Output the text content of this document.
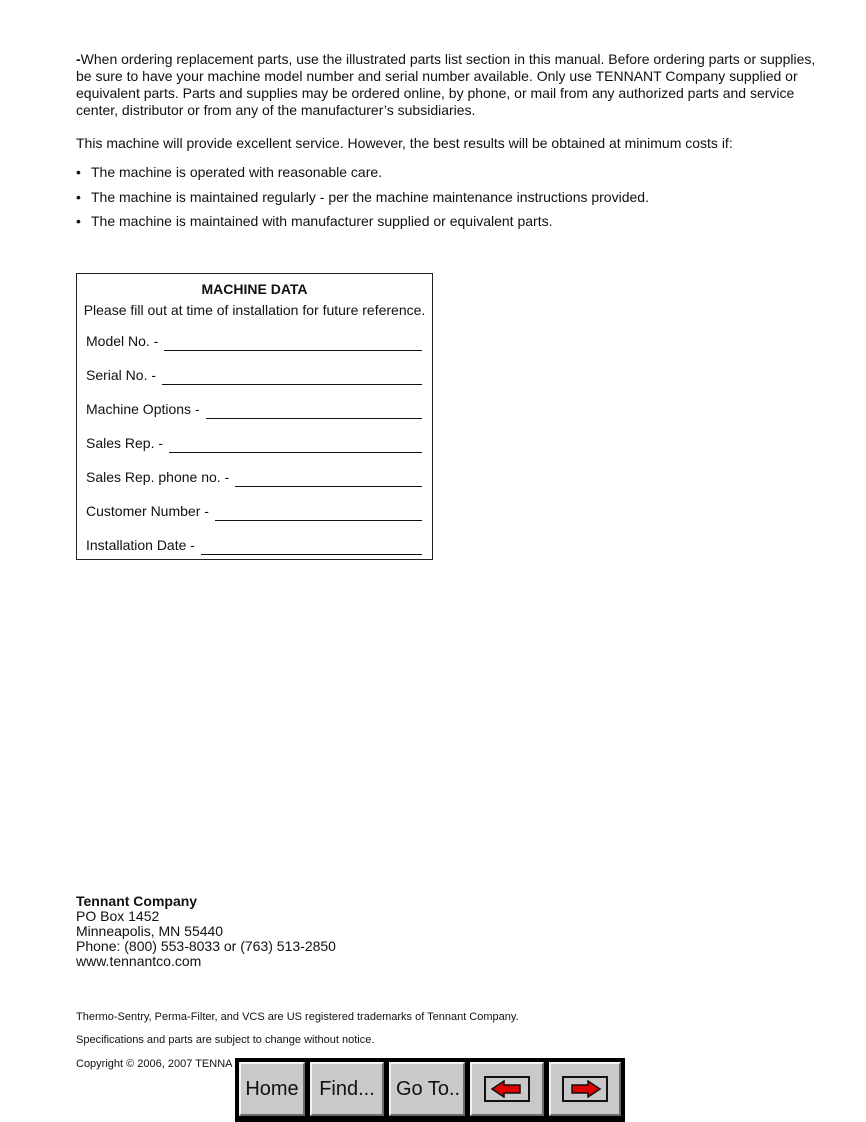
-When ordering replacement parts, use the illustrated parts list section in this manual. Before ordering parts or supplies, be sure to have your machine model number and serial number available. Only use TENNANT Company supplied or equivalent parts. Parts and supplies may be ordered online, by phone, or mail from any authorized parts and service center, distributor or from any of the manufacturer’s subsidiaries.

This machine will provide excellent service. However, the best results will be obtained at minimum costs if:

• The machine is operated with reasonable care.
• The machine is maintained regularly - per the machine maintenance instructions provided.
• The machine is maintained with manufacturer supplied or equivalent parts.
MACHINE DATA
Please fill out at time of installation for future reference.
Model No. -
Serial No. -
Machine Options -
Sales Rep. -
Sales Rep. phone no. -
Customer Number -
Installation Date -
Tennant Company
PO Box 1452
Minneapolis, MN 55440
Phone: (800) 553-8033 or (763) 513-2850
www.tennantco.com
Thermo-Sentry, Perma-Filter, and VCS are US registered trademarks of Tennant Company.
Specifications and parts are subject to change without notice.
Copyright © 2006, 2007 TENNA
Home	Find...	Go To..
